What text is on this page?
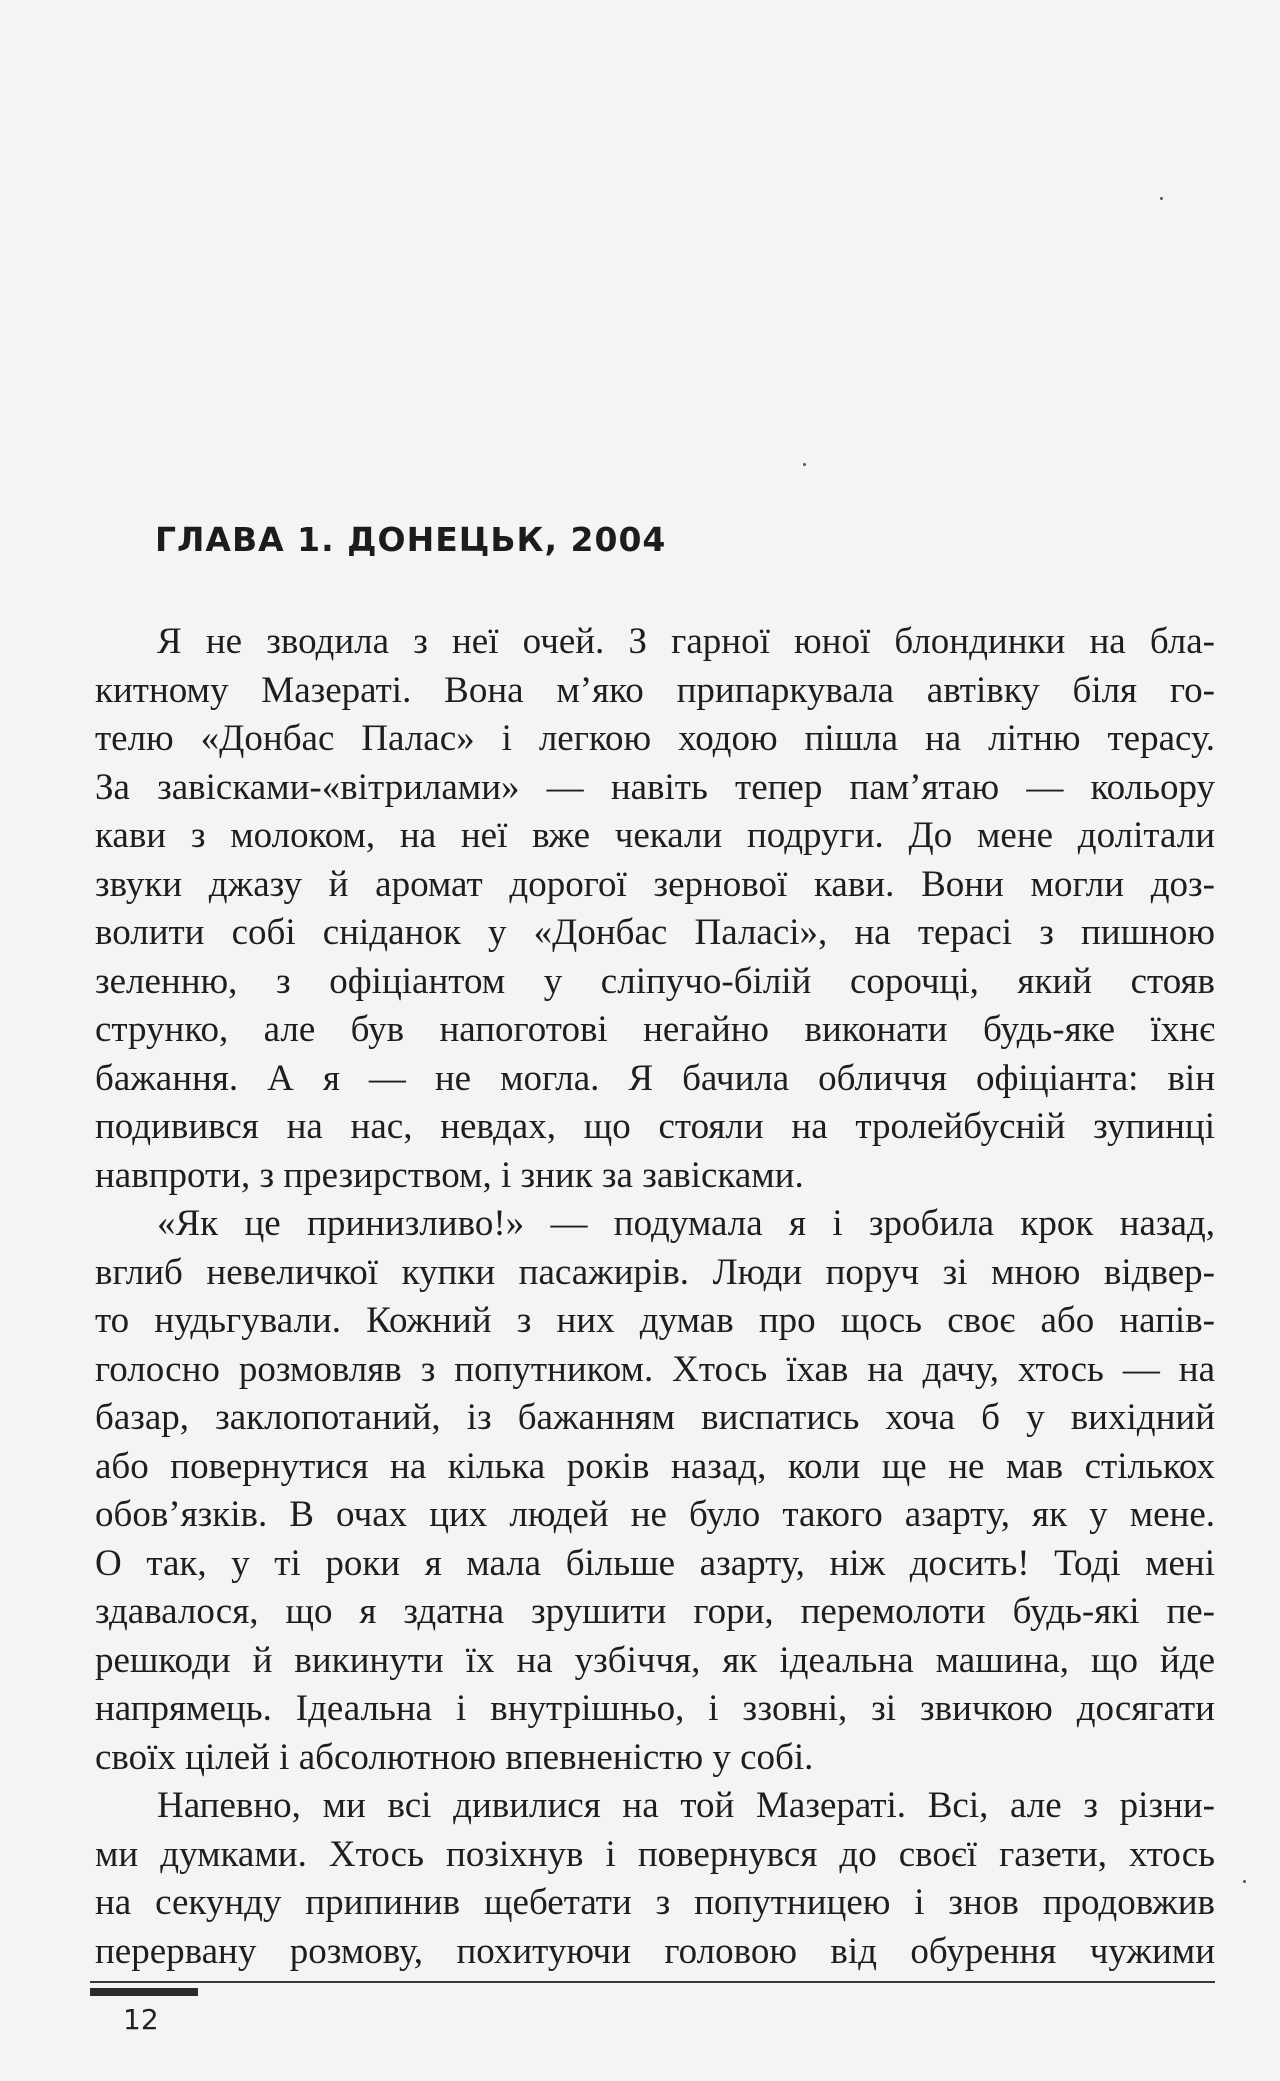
ГЛАВА 1. ДОНЕЦЬК, 2004
Я не зводила з неї очей. З гарної юної блондинки на бла-
китному Мазераті. Вона м’яко припаркувала автівку біля го-
телю «Донбас Палас» і легкою ходою пішла на літню терасу.
За завісками-«вітрилами» — навіть тепер пам’ятаю — кольору
кави з молоком, на неї вже чекали подруги. До мене долітали
звуки джазу й аромат дорогої зернової кави. Вони могли доз-
волити собі сніданок у «Донбас Паласі», на терасі з пишною
зеленню, з офіціантом у сліпучо-білій сорочці, який стояв
струнко, але був напоготові негайно виконати будь-яке їхнє
бажання. А я — не могла. Я бачила обличчя офіціанта: він
подивився на нас, невдах, що стояли на тролейбусній зупинці
навпроти, з презирством, і зник за завісками.
«Як це принизливо!» — подумала я і зробила крок назад,
вглиб невеличкої купки пасажирів. Люди поруч зі мною відвер-
то нудьгували. Кожний з них думав про щось своє або напів-
голосно розмовляв з попутником. Хтось їхав на дачу, хтось — на
базар, заклопотаний, із бажанням виспатись хоча б у вихідний
або повернутися на кілька років назад, коли ще не мав стількох
обов’язків. В очах цих людей не було такого азарту, як у мене.
О так, у ті роки я мала більше азарту, ніж досить! Тоді мені
здавалося, що я здатна зрушити гори, перемолоти будь-які пе-
решкоди й викинути їх на узбіччя, як ідеальна машина, що йде
напрямець. Ідеальна і внутрішньо, і ззовні, зі звичкою досягати
своїх цілей і абсолютною впевненістю у собі.
Напевно, ми всі дивилися на той Мазераті. Всі, але з різни-
ми думками. Хтось позіхнув і повернувся до своєї газети, хтось
на секунду припинив щебетати з попутницею і знов продовжив
перервану розмову, похитуючи головою від обурення чужими
12
